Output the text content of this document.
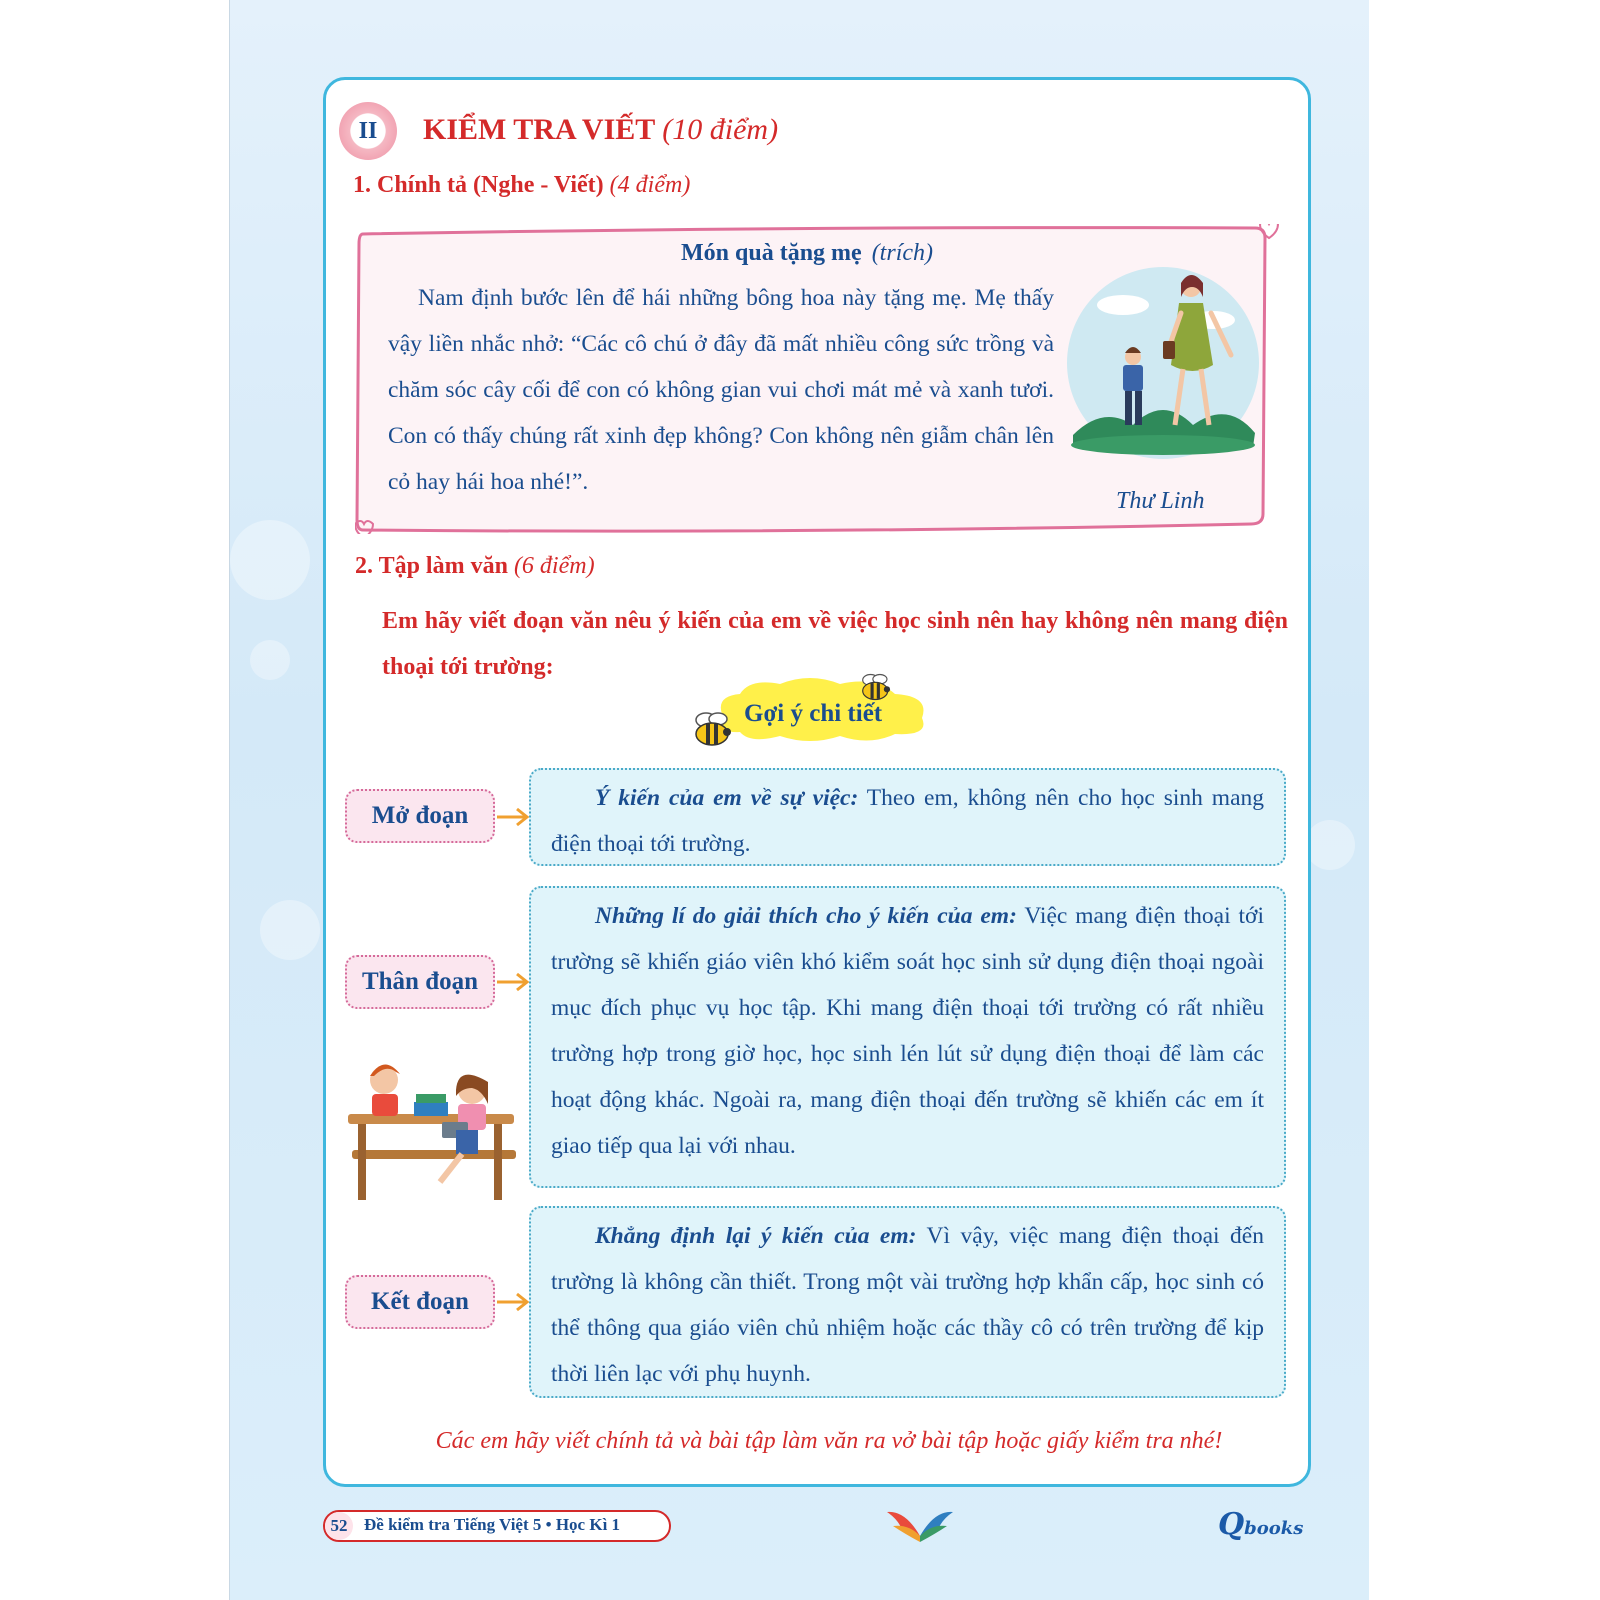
II KIỂM TRA VIẾT (10 điểm)
1. Chính tả (Nghe - Viết) (4 điểm)
Món quà tặng mẹ (trích)
Nam định bước lên để hái những bông hoa này tặng mẹ. Mẹ thấy vậy liền nhắc nhở: “Các cô chú ở đây đã mất nhiều công sức trồng và chăm sóc cây cối để con có không gian vui chơi mát mẻ và xanh tươi. Con có thấy chúng rất xinh đẹp không? Con không nên giẫm chân lên cỏ hay hái hoa nhé!”.
Thư Linh
2. Tập làm văn (6 điểm)
Em hãy viết đoạn văn nêu ý kiến của em về việc học sinh nên hay không nên mang điện thoại tới trường:
Gợi ý chi tiết
Mở đoạn
Ý kiến của em về sự việc: Theo em, không nên cho học sinh mang điện thoại tới trường.
Thân đoạn
Những lí do giải thích cho ý kiến của em: Việc mang điện thoại tới trường sẽ khiến giáo viên khó kiểm soát học sinh sử dụng điện thoại ngoài mục đích phục vụ học tập. Khi mang điện thoại tới trường có rất nhiều trường hợp trong giờ học, học sinh lén lút sử dụng điện thoại để làm các hoạt động khác. Ngoài ra, mang điện thoại đến trường sẽ khiến các em ít giao tiếp qua lại với nhau.
Kết đoạn
Khẳng định lại ý kiến của em: Vì vậy, việc mang điện thoại đến trường là không cần thiết. Trong một vài trường hợp khẩn cấp, học sinh có thể thông qua giáo viên chủ nhiệm hoặc các thầy cô có trên trường để kịp thời liên lạc với phụ huynh.
Các em hãy viết chính tả và bài tập làm văn ra vở bài tập hoặc giấy kiểm tra nhé!
52 Đề kiểm tra Tiếng Việt 5 • Học Kì 1	Qbooks
